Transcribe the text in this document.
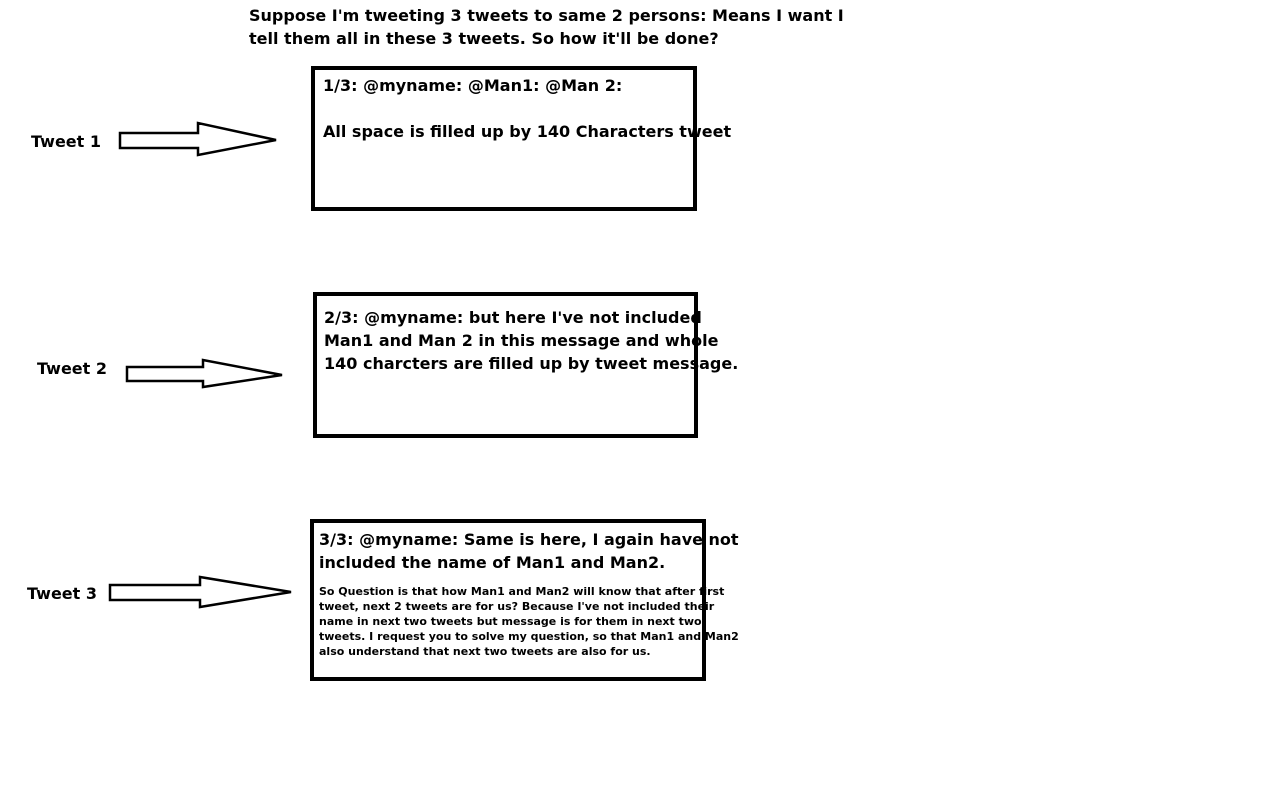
Suppose I'm tweeting 3 tweets to same 2 persons: Means I want I
tell them all in these 3 tweets. So how it'll be done?
Tweet 1
1/3: @myname: @Man1: @Man 2:
All space is filled up by 140 Characters tweet
Tweet 2
2/3: @myname: but here I've not included
Man1 and Man 2 in this message and whole
140 charcters are filled up by tweet message.
Tweet 3
3/3: @myname: Same is here, I again have not
included the name of Man1 and Man2.
So Question is that how Man1 and Man2 will know that after first
tweet, next 2 tweets are for us? Because I've not included their
name in next two tweets but message is for them in next two
tweets. I request you to solve my question, so that Man1 and Man2
also understand that next two tweets are also for us.
